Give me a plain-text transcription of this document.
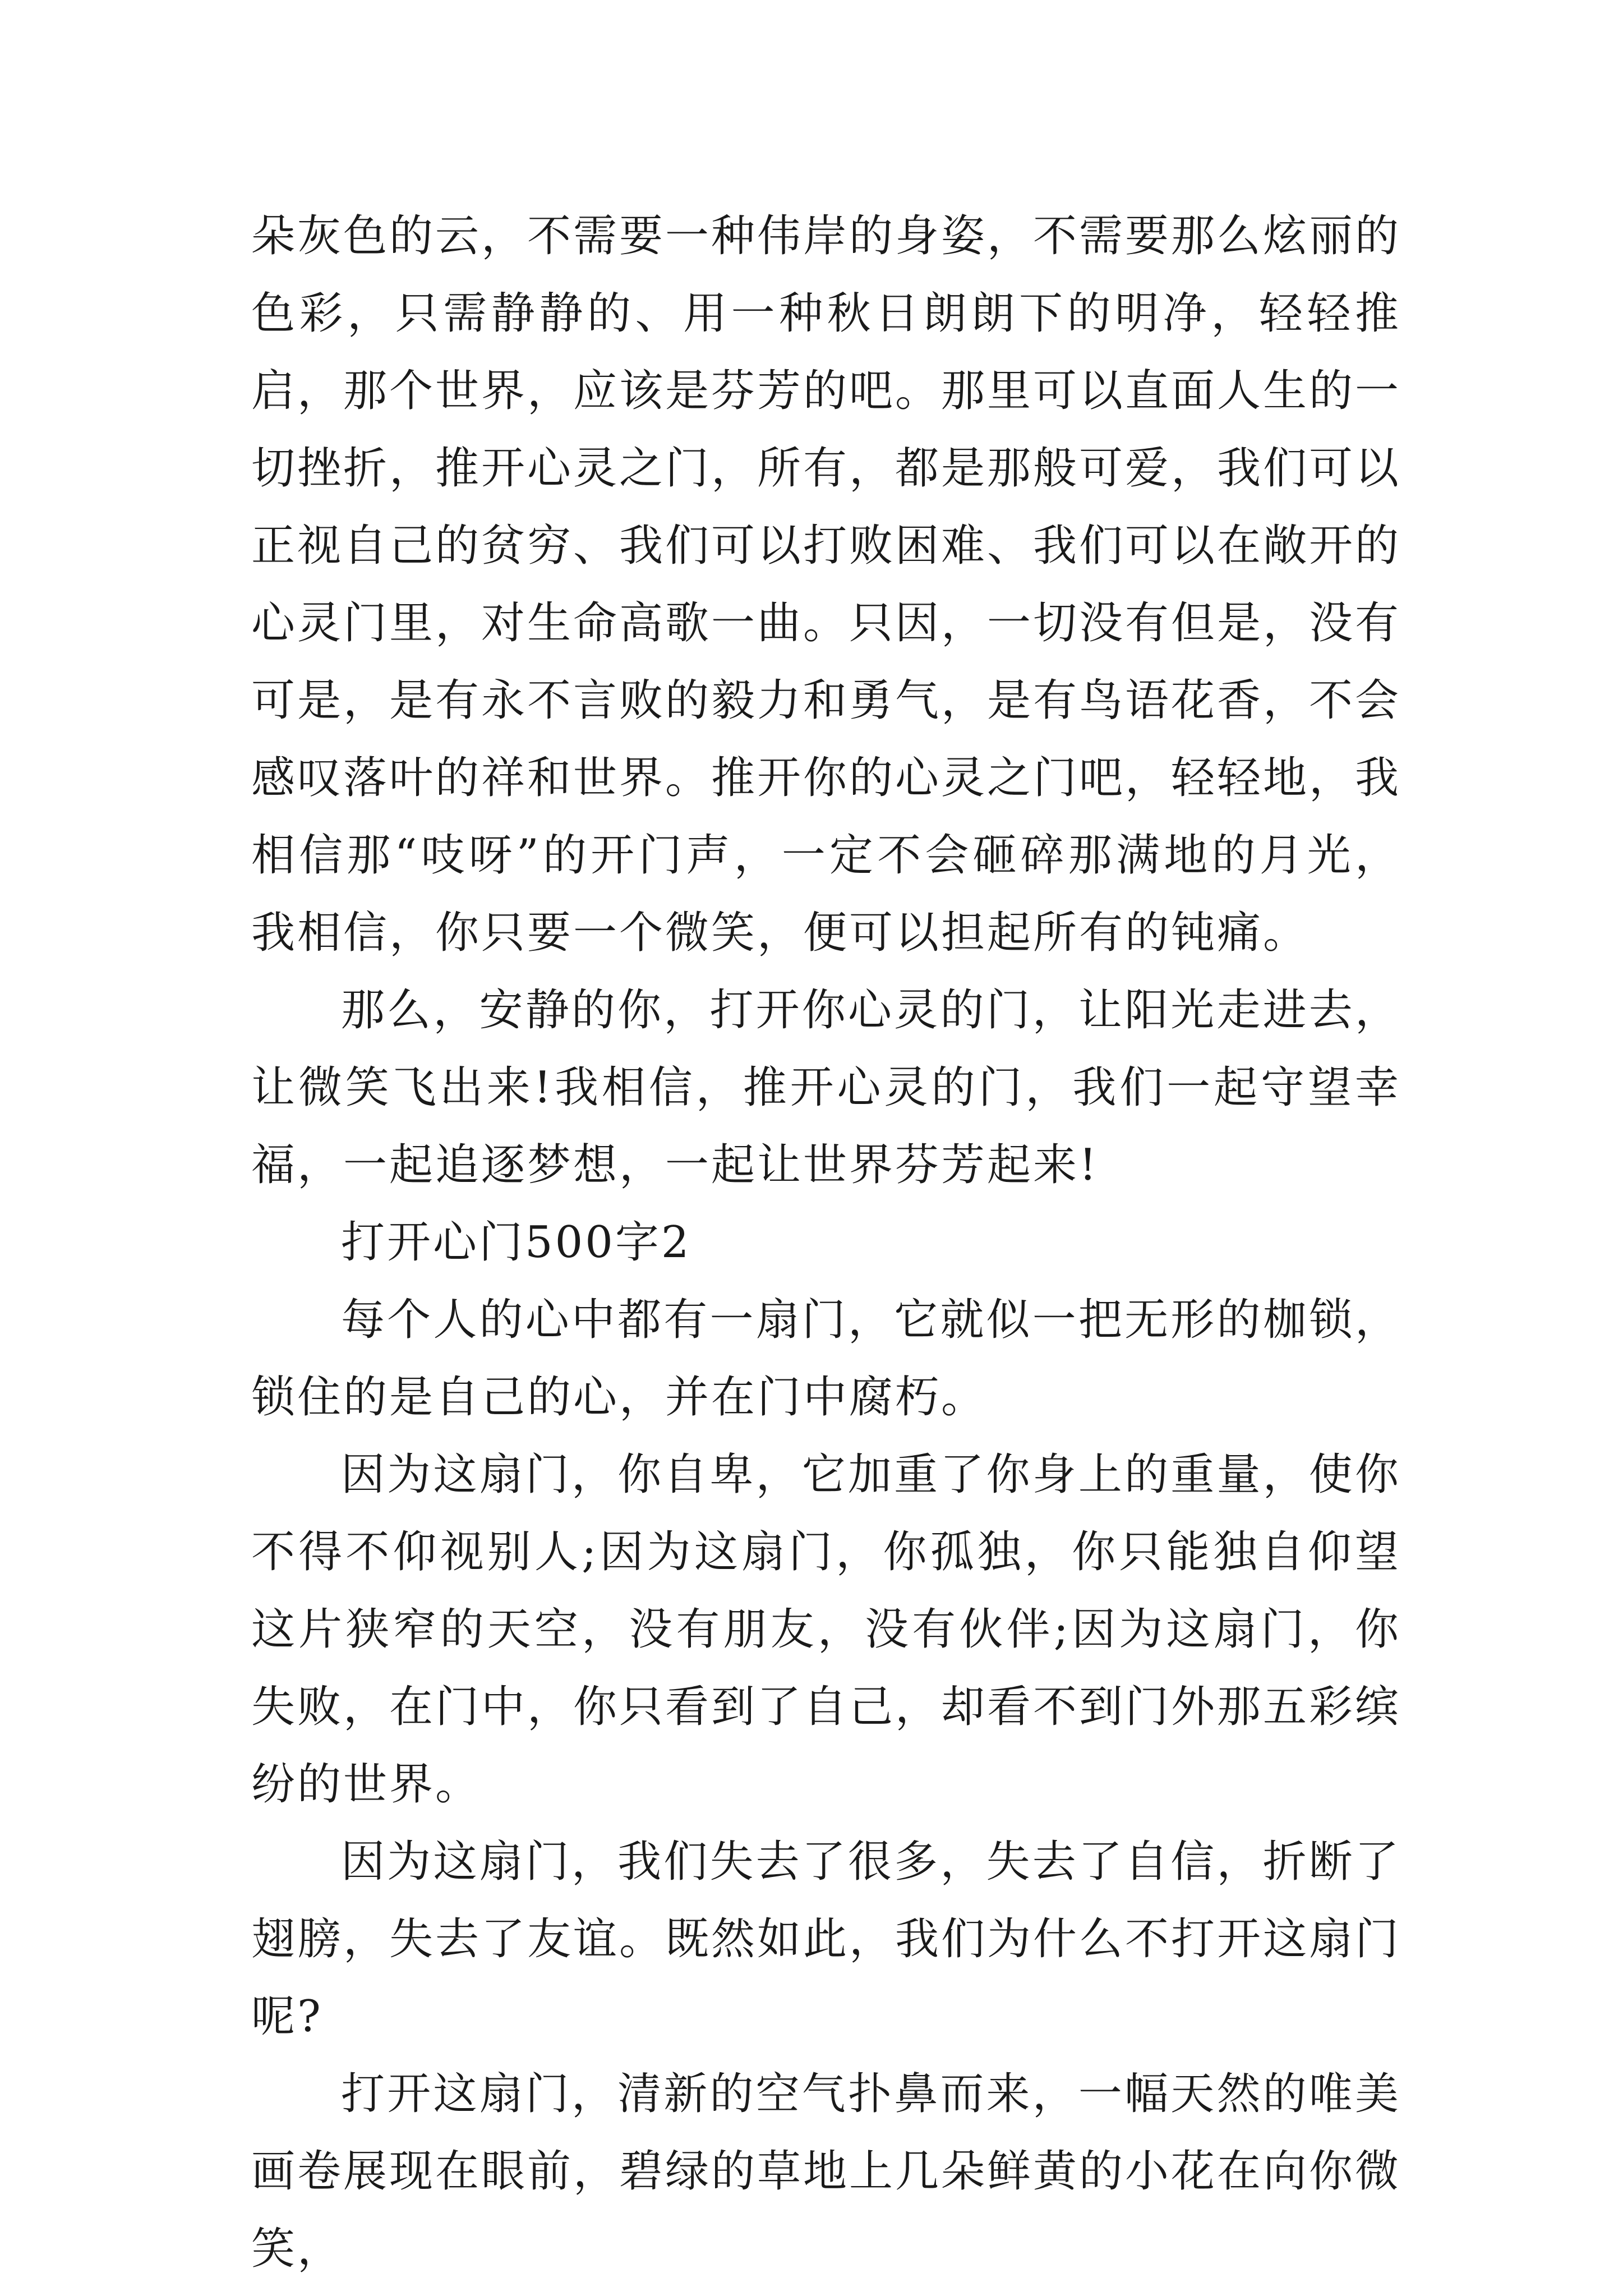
朵灰色的云，不需要一种伟岸的身姿，不需要那么炫丽的色彩，只需静静的、用一种秋日朗朗下的明净，轻轻推启，那个世界，应该是芬芳的吧。那里可以直面人生的一切挫折，推开心灵之门，所有，都是那般可爱，我们可以正视自己的贫穷、我们可以打败困难、我们可以在敞开的心灵门里，对生命高歌一曲。只因，一切没有但是，没有可是，是有永不言败的毅力和勇气，是有鸟语花香，不会感叹落叶的祥和世界。推开你的心灵之门吧，轻轻地，我相信那“吱呀”的开门声，一定不会砸碎那满地的月光，我相信，你只要一个微笑，便可以担起所有的钝痛。

那么，安静的你，打开你心灵的门，让阳光走进去，让微笑飞出来!我相信，推开心灵的门，我们一起守望幸福，一起追逐梦想，一起让世界芬芳起来!

打开心门500字2

每个人的心中都有一扇门，它就似一把无形的枷锁，锁住的是自己的心，并在门中腐朽。

因为这扇门，你自卑，它加重了你身上的重量，使你不得不仰视别人;因为这扇门，你孤独，你只能独自仰望这片狭窄的天空，没有朋友，没有伙伴;因为这扇门，你失败，在门中，你只看到了自己，却看不到门外那五彩缤纷的世界。

因为这扇门，我们失去了很多，失去了自信，折断了翅膀，失去了友谊。既然如此，我们为什么不打开这扇门呢?

打开这扇门，清新的空气扑鼻而来，一幅天然的唯美画卷展现在眼前，碧绿的草地上几朵鲜黄的小花在向你微笑，
